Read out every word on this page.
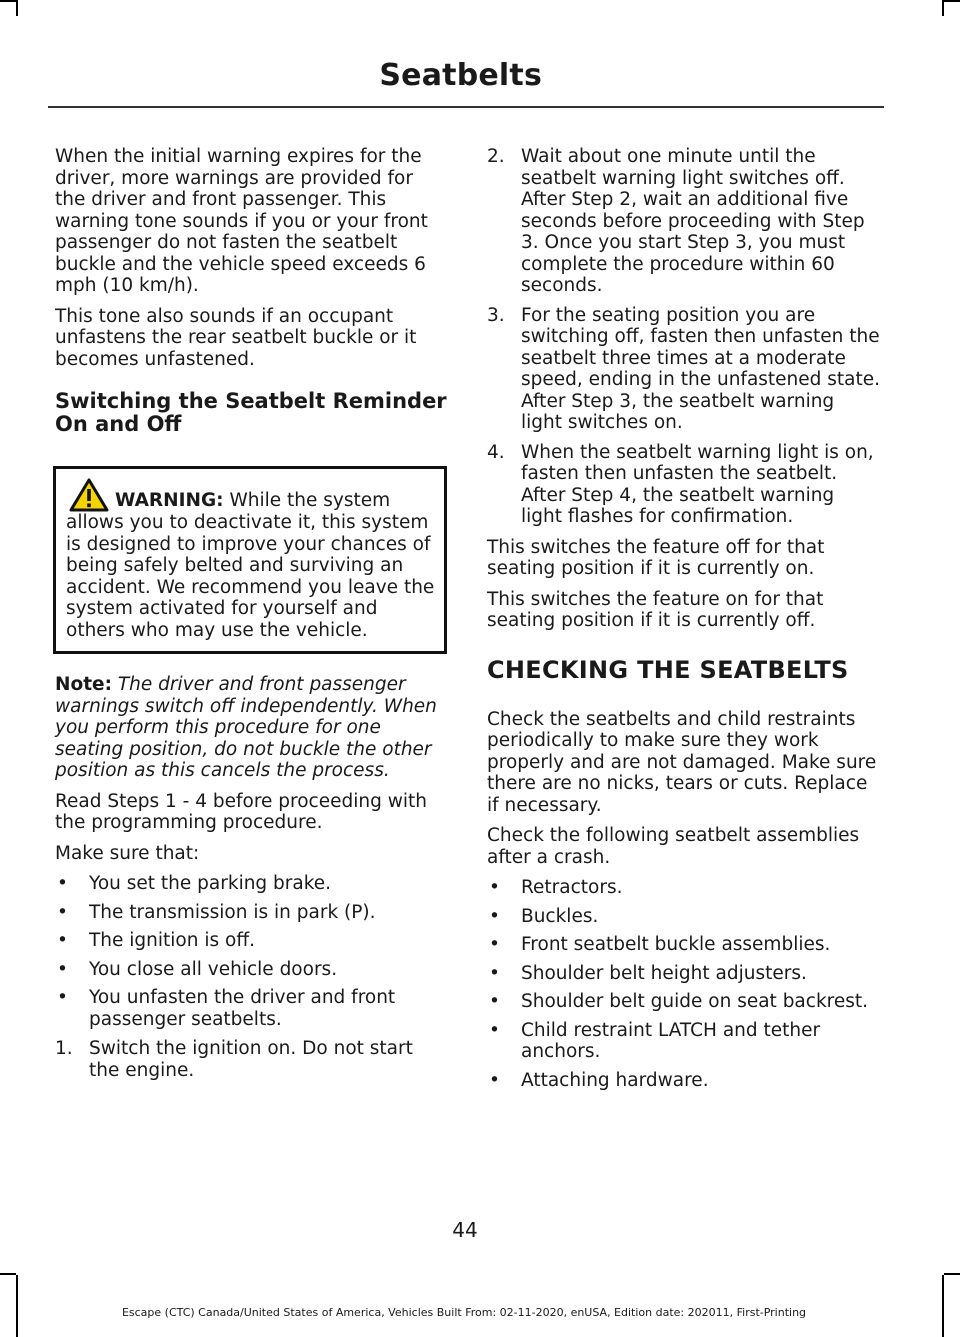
Seatbelts

When the initial warning expires for the driver, more warnings are provided for the driver and front passenger. This warning tone sounds if you or your front passenger do not fasten the seatbelt buckle and the vehicle speed exceeds 6 mph (10 km/h).

This tone also sounds if an occupant unfastens the rear seatbelt buckle or it becomes unfastened.

Switching the Seatbelt Reminder On and Off
WARNING: While the system allows you to deactivate it, this system is designed to improve your chances of being safely belted and surviving an accident. We recommend you leave the system activated for yourself and others who may use the vehicle.

Note: The driver and front passenger warnings switch off independently. When you perform this procedure for one seating position, do not buckle the other position as this cancels the process.

Read Steps 1 - 4 before proceeding with the programming procedure.

Make sure that:

• You set the parking brake.
• The transmission is in park (P).
• The ignition is off.
• You close all vehicle doors.
• You unfasten the driver and front passenger seatbelts.
1. Switch the ignition on. Do not start the engine.
2. Wait about one minute until the seatbelt warning light switches off. After Step 2, wait an additional five seconds before proceeding with Step 3. Once you start Step 3, you must complete the procedure within 60 seconds.
3. For the seating position you are switching off, fasten then unfasten the seatbelt three times at a moderate speed, ending in the unfastened state. After Step 3, the seatbelt warning light switches on.
4. When the seatbelt warning light is on, fasten then unfasten the seatbelt. After Step 4, the seatbelt warning light flashes for confirmation.

This switches the feature off for that seating position if it is currently on.

This switches the feature on for that seating position if it is currently off.

CHECKING THE SEATBELTS

Check the seatbelts and child restraints periodically to make sure they work properly and are not damaged. Make sure there are no nicks, tears or cuts. Replace if necessary.

Check the following seatbelt assemblies after a crash.

• Retractors.
• Buckles.
• Front seatbelt buckle assemblies.
• Shoulder belt height adjusters.
• Shoulder belt guide on seat backrest.
• Child restraint LATCH and tether anchors.
• Attaching hardware.
44
Escape (CTC) Canada/United States of America, Vehicles Built From: 02-11-2020, enUSA, Edition date: 202011, First-Printing
